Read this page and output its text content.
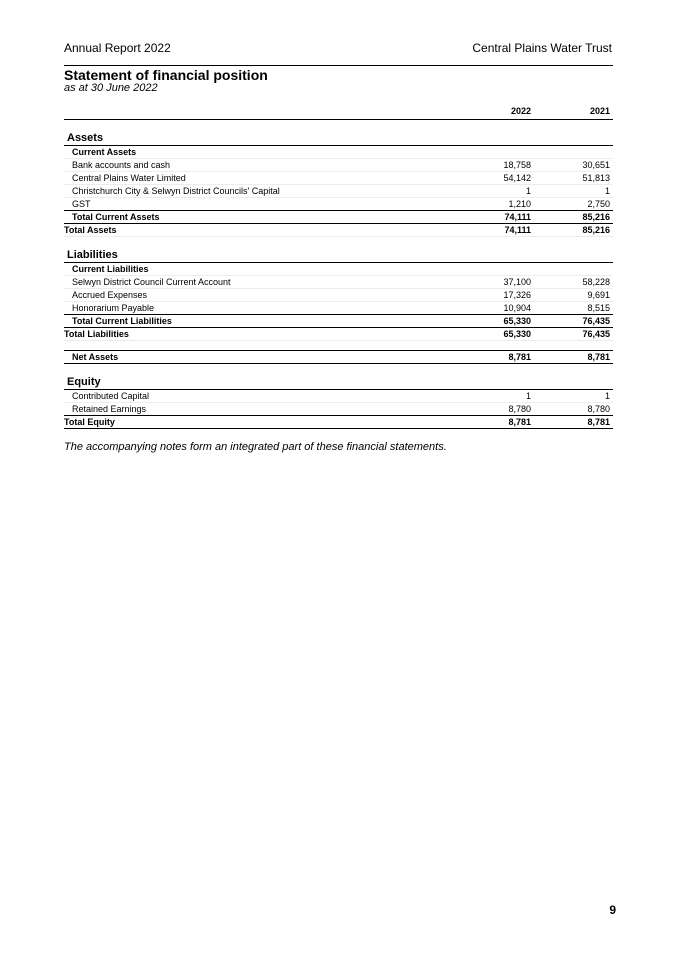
Annual Report 2022	Central Plains Water Trust
Statement of financial position
as at 30 June 2022
2022	2021
Assets
Current Assets
Bank accounts and cash	18,758	30,651
Central Plains Water Limited	54,142	51,813
Christchurch City & Selwyn District Councils' Capital	1	1
GST	1,210	2,750
Total Current Assets	74,111	85,216
Total Assets	74,111	85,216
Liabilities
Current Liabilities
Selwyn District Council Current Account	37,100	58,228
Accrued Expenses	17,326	9,691
Honorarium Payable	10,904	8,515
Total Current Liabilities	65,330	76,435
Total Liabilities	65,330	76,435
Net Assets	8,781	8,781
Equity
Contributed Capital	1	1
Retained Earnings	8,780	8,780
Total Equity	8,781	8,781
The accompanying notes form an integrated part of these financial statements.
9
